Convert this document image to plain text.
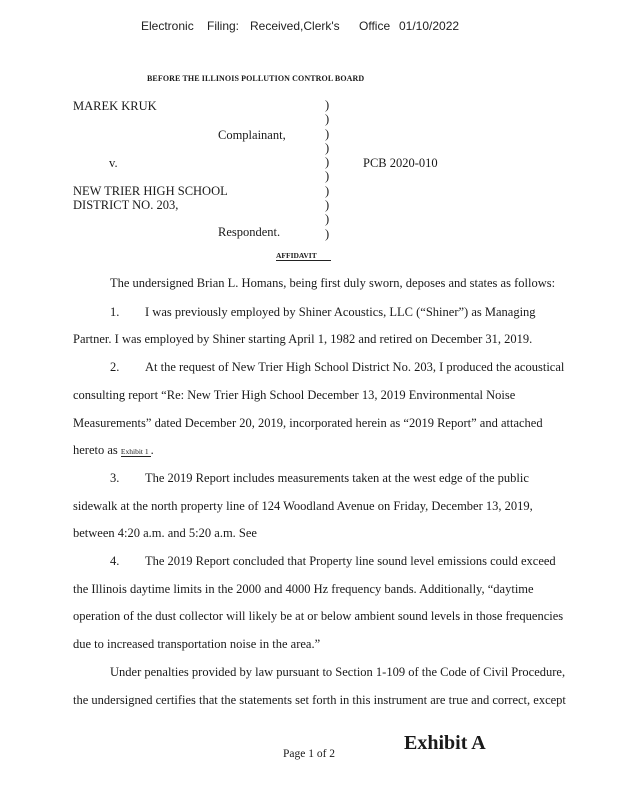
Electronic Filing: Received,Clerk's Office 01/10/2022
BEFORE THE ILLINOIS POLLUTION CONTROL BOARD
MAREK KRUK
Complainant,
v.	PCB 2020-010
NEW TRIER HIGH SCHOOL
DISTRICT NO. 203,
Respondent.
)
)
)
)
)
)
)
)
)
)
AFFIDAVIT
The undersigned Brian L. Homans, being first duly sworn, deposes and states as follows:
1. I was previously employed by Shiner Acoustics, LLC (“Shiner”) as Managing
Partner. I was employed by Shiner starting April 1, 1982 and retired on December 31, 2019.
2. At the request of New Trier High School District No. 203, I produced the acoustical
consulting report “Re: New Trier High School December 13, 2019 Environmental Noise
Measurements” dated December 20, 2019, incorporated herein as “2019 Report” and attached
hereto as Exhibit 1 .
3. The 2019 Report includes measurements taken at the west edge of the public
sidewalk at the north property line of 124 Woodland Avenue on Friday, December 13, 2019,
between 4:20 a.m. and 5:20 a.m. See
4. The 2019 Report concluded that Property line sound level emissions could exceed
the Illinois daytime limits in the 2000 and 4000 Hz frequency bands. Additionally, “daytime
operation of the dust collector will likely be at or below ambient sound levels in those frequencies
due to increased transportation noise in the area.”
Under penalties provided by law pursuant to Section 1-109 of the Code of Civil Procedure,
the undersigned certifies that the statements set forth in this instrument are true and correct, except
Page 1 of 2	Exhibit A
